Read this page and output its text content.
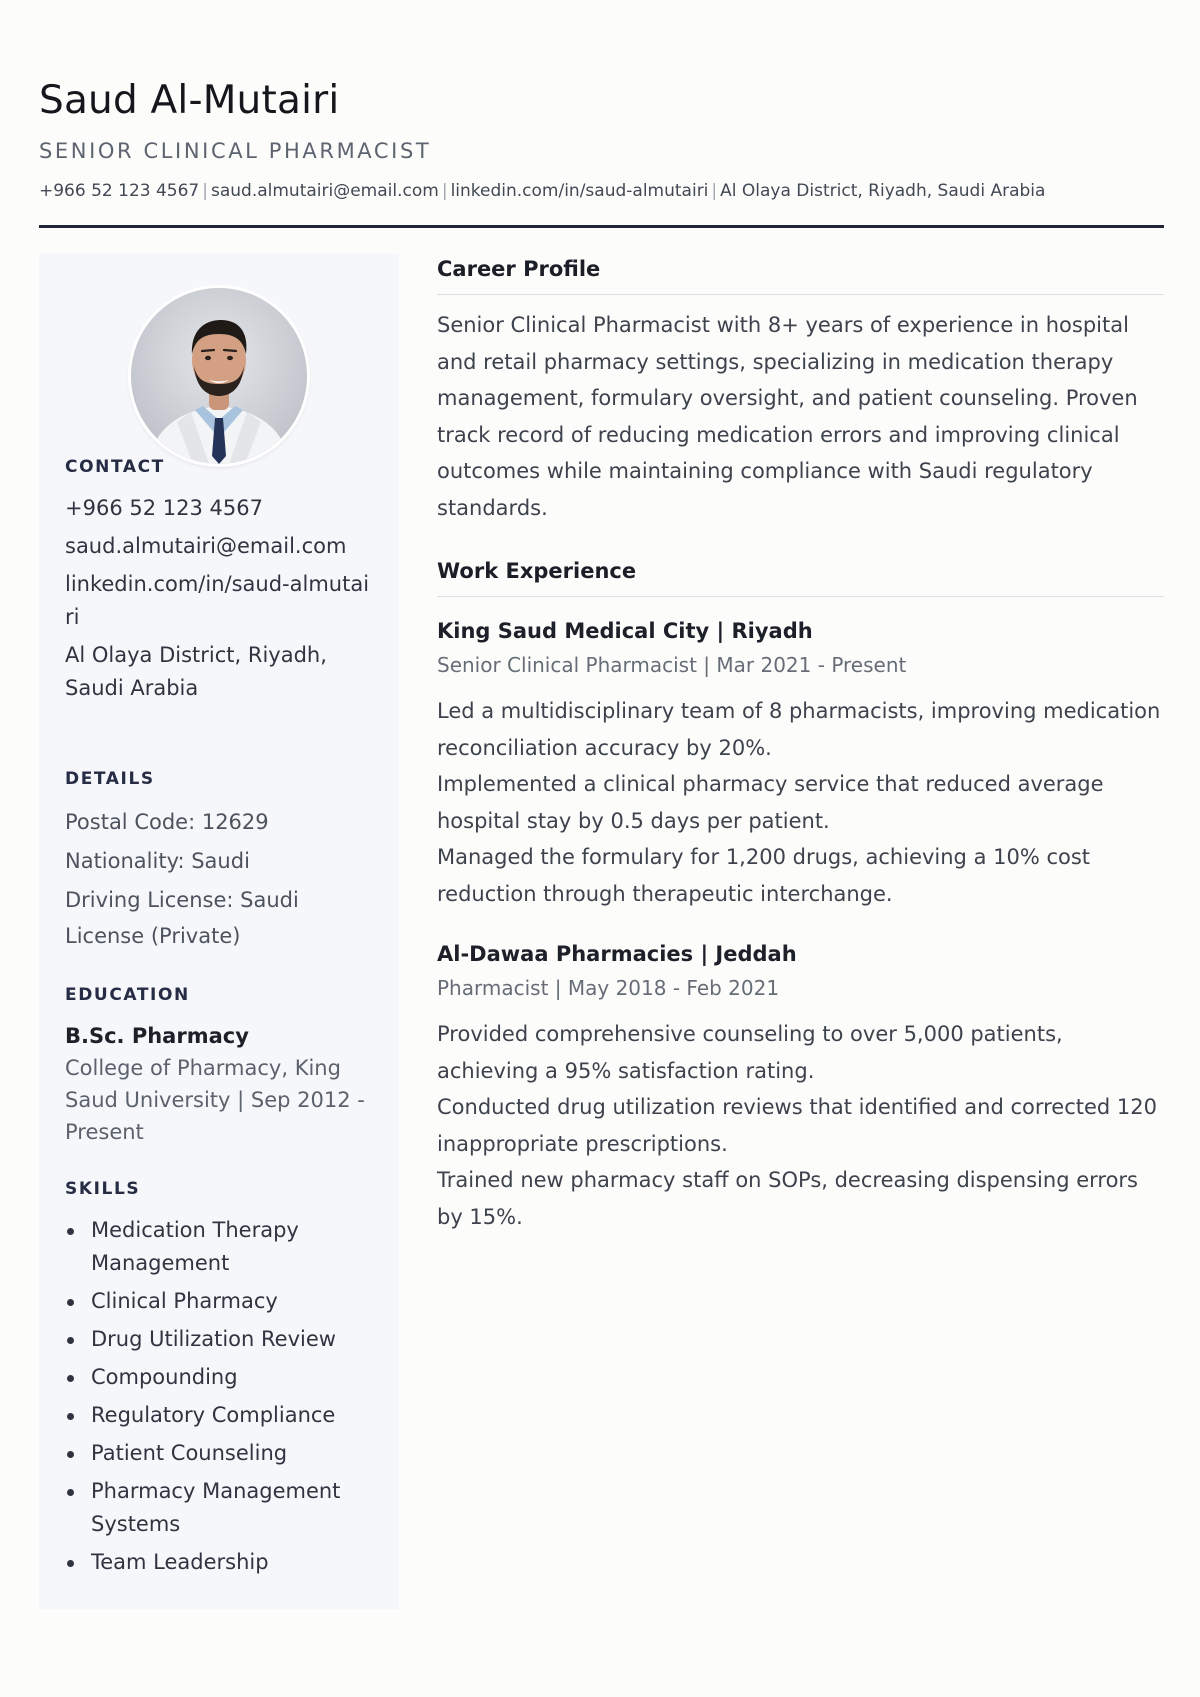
Saud Al-Mutairi
SENIOR CLINICAL PHARMACIST
+966 52 123 4567 | saud.almutairi@email.com | linkedin.com/in/saud-almutairi | Al Olaya District, Riyadh, Saudi Arabia
CONTACT
+966 52 123 4567
saud.almutairi@email.com
linkedin.com/in/saud-almutairi
Al Olaya District, Riyadh, Saudi Arabia
DETAILS
Postal Code: 12629
Nationality: Saudi
Driving License: Saudi License (Private)
EDUCATION
B.Sc. Pharmacy
College of Pharmacy, King Saud University | Sep 2012 - Present
SKILLS
Medication Therapy Management
Clinical Pharmacy
Drug Utilization Review
Compounding
Regulatory Compliance
Patient Counseling
Pharmacy Management Systems
Team Leadership
Career Profile

Senior Clinical Pharmacist with 8+ years of experience in hospital and retail pharmacy settings, specializing in medication therapy management, formulary oversight, and patient counseling. Proven track record of reducing medication errors and improving clinical outcomes while maintaining compliance with Saudi regulatory standards.

Work Experience
King Saud Medical City | Riyadh
Senior Clinical Pharmacist | Mar 2021 - Present
Led a multidisciplinary team of 8 pharmacists, improving medication reconciliation accuracy by 20%.
Implemented a clinical pharmacy service that reduced average hospital stay by 0.5 days per patient.
Managed the formulary for 1,200 drugs, achieving a 10% cost reduction through therapeutic interchange.
Al-Dawaa Pharmacies | Jeddah
Pharmacist | May 2018 - Feb 2021
Provided comprehensive counseling to over 5,000 patients, achieving a 95% satisfaction rating.
Conducted drug utilization reviews that identified and corrected 120 inappropriate prescriptions.
Trained new pharmacy staff on SOPs, decreasing dispensing errors by 15%.
